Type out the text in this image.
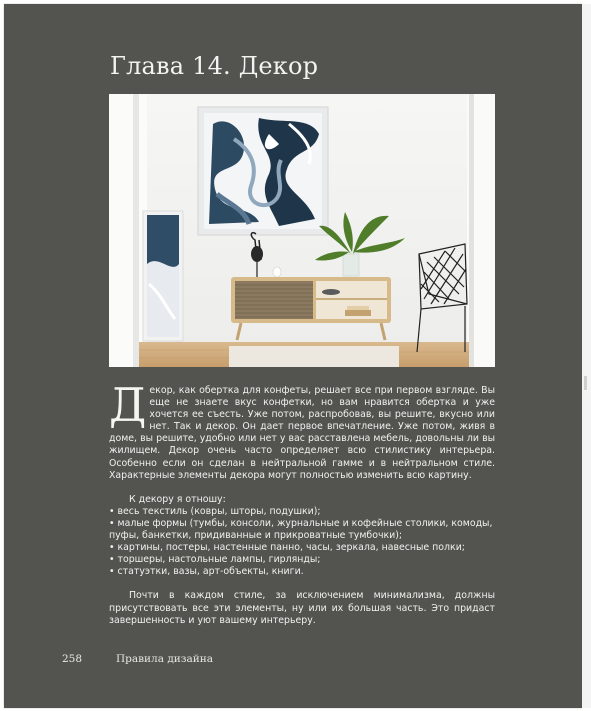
Глава 14. Декор

Декор, как обертка для конфеты, решает все при первом взгляде. Вы еще не знаете вкус конфетки, но вам нравится обертка и уже хочется ее съесть. Уже потом, распробовав, вы решите, вкусно или нет. Так и декор. Он дает первое впечатление. Уже потом, живя в доме, вы решите, удобно или нет у вас расставлена мебель, довольны ли вы жилищем. Декор очень часто определяет всю стилистику интерьера. Особенно если он сделан в нейтральной гамме и в нейтральном стиле. Характерные элементы декора могут полностью изменить всю картину.

К декору я отношу:

• весь текстиль (ковры, шторы, подушки);
• малые формы (тумбы, консоли, журнальные и кофейные столики, комоды, пуфы, банкетки, придиванные и прикроватные тумбочки);
• картины, постеры, настенные панно, часы, зеркала, навесные полки;
• торшеры, настольные лампы, гирлянды;
• статуэтки, вазы, арт-объекты, книги.

Почти в каждом стиле, за исключением минимализма, должны присутствовать все эти элементы, ну или их большая часть. Это придаст завершенность и уют вашему интерьеру.

258	Правила дизайна
